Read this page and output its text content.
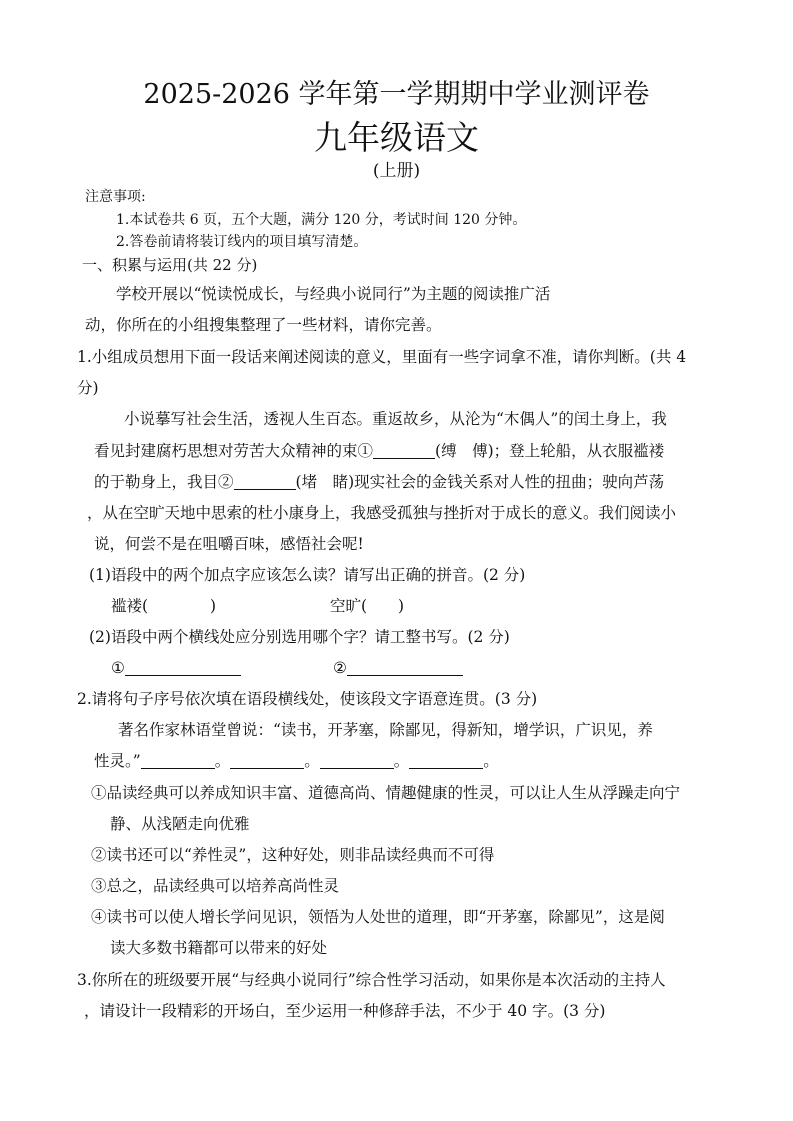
2025-2026 学年第一学期期中学业测评卷
九年级语文
(上册)
注意事项:
1.本试卷共 6 页，五个大题，满分 120 分，考试时间 120 分钟。
2.答卷前请将装订线内的项目填写清楚。
一、积累与运用(共 22 分)
学校开展以“悦读悦成长，与经典小说同行”为主题的阅读推广活
动，你所在的小组搜集整理了一些材料，请你完善。
1.小组成员想用下面一段话来阐述阅读的意义，里面有一些字词拿不准，请你判断。(共 4
分)
小说摹写社会生活，透视人生百态。重返故乡，从沦为“木偶人”的闰土身上，我
看见封建腐朽思想对劳苦大众精神的束①	(缚　傅)；登上轮船，从衣服褴褛
的于勒身上，我目②	(堵　睹)现实社会的金钱关系对人性的扭曲；驶向芦荡
，从在空旷天地中思索的杜小康身上，我感受孤独与挫折对于成长的意义。我们阅读小
说，何尝不是在咀嚼百味，感悟社会呢!
(1)语段中的两个加点字应该怎么读？请写出正确的拼音。(2 分)
褴褛(　　　　)	空旷(　　)
(2)语段中两个横线处应分别选用哪个字？请工整书写。(2 分)
①	②
2.请将句子序号依次填在语段横线处，使该段文字语意连贯。(3 分)
著名作家林语堂曾说：“读书，开茅塞，除鄙见，得新知，增学识，广识见，养
性灵。”	。	。	。	。
①品读经典可以养成知识丰富、道德高尚、情趣健康的性灵，可以让人生从浮躁走向宁
静、从浅陋走向优雅
②读书还可以“养性灵”，这种好处，则非品读经典而不可得
③总之，品读经典可以培养高尚性灵
④读书可以使人增长学问见识，领悟为人处世的道理，即“开茅塞，除鄙见”，这是阅
读大多数书籍都可以带来的好处
3.你所在的班级要开展“与经典小说同行”综合性学习活动，如果你是本次活动的主持人
，请设计一段精彩的开场白，至少运用一种修辞手法，不少于 40 字。(3 分)
